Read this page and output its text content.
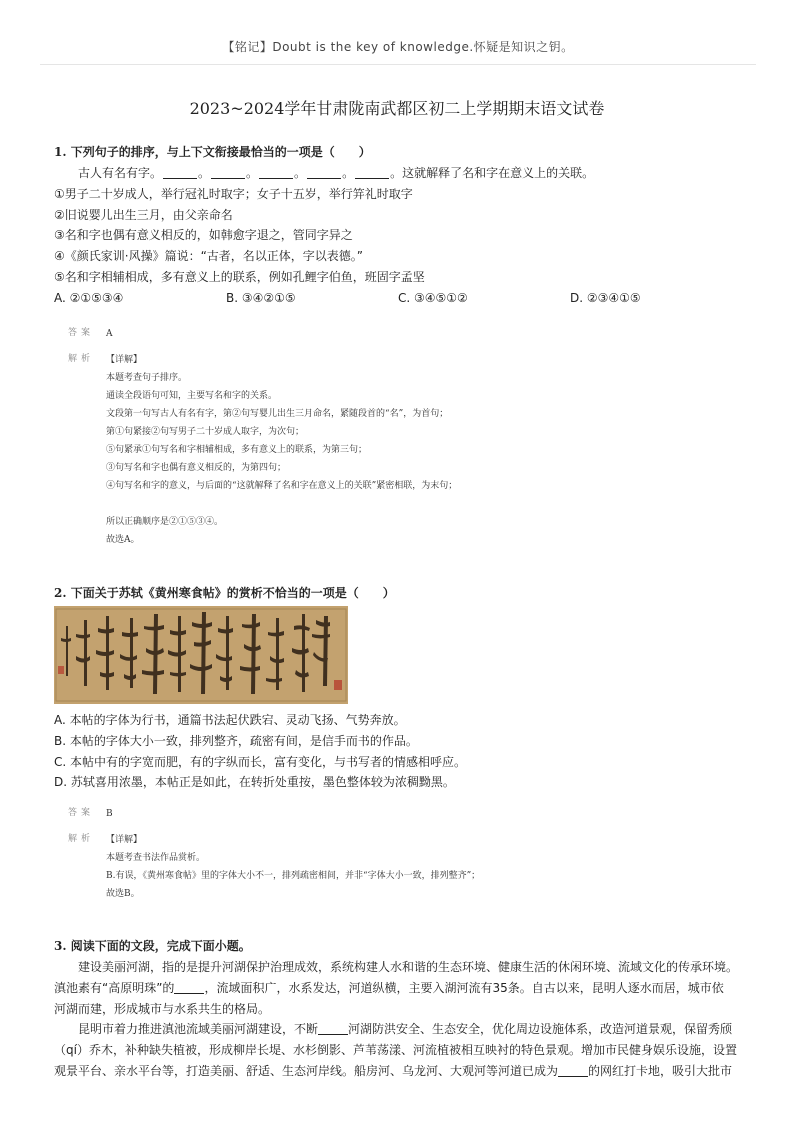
【铭记】Doubt is the key of knowledge.怀疑是知识之钥。
2023~2024学年甘肃陇南武都区初二上学期期末语文试卷
1. 下列句子的排序，与上下文衔接最恰当的一项是（　　）
古人有名有字。	。	。	。	。	。这就解释了名和字在意义上的关联。
①男子二十岁成人，举行冠礼时取字；女子十五岁，举行笄礼时取字
②旧说婴儿出生三月，由父亲命名
③名和字也偶有意义相反的，如韩愈字退之，管同字异之
④《颜氏家训·风操》篇说：“古者，名以正体，字以表德。”
⑤名和字相辅相成，多有意义上的联系，例如孔鲤字伯鱼，班固字孟坚
A. ②①⑤③④	B. ③④②①⑤	C. ③④⑤①②	D. ②③④①⑤
答案	A
解析	【详解】
本题考查句子排序。
通读全段语句可知，主要写名和字的关系。
文段第一句写古人有名有字，第②句写婴儿出生三月命名，紧随段首的“名”，为首句；
第①句紧接②句写男子二十岁成人取字，为次句；
⑤句紧承①句写名和字相辅相成，多有意义上的联系，为第三句；
③句写名和字也偶有意义相反的，为第四句；
④句写名和字的意义，与后面的“这就解释了名和字在意义上的关联”紧密相联，为末句；
所以正确顺序是②①⑤③④。
故选A。
2. 下面关于苏轼《黄州寒食帖》的赏析不恰当的一项是（　　）
A. 本帖的字体为行书，通篇书法起伏跌宕、灵动飞扬、气势奔放。
B. 本帖的字体大小一致，排列整齐，疏密有间，是信手而书的作品。
C. 本帖中有的字宽而肥，有的字纵而长，富有变化，与书写者的情感相呼应。
D. 苏轼喜用浓墨，本帖正是如此，在转折处重按，墨色整体较为浓稠黝黑。
答案	B
解析	【详解】
本题考查书法作品赏析。
B.有误，《黄州寒食帖》里的字体大小不一，排列疏密相间，并非“字体大小一致，排列整齐”；
故选B。
3. 阅读下面的文段，完成下面小题。
建设美丽河湖，指的是提升河湖保护治理成效，系统构建人水和谐的生态环境、健康生活的休闲环境、流域文化的传承环境。
滇池素有“高原明珠”的	，流域面积广，水系发达，河道纵横，主要入湖河流有35条。自古以来，昆明人逐水而居，城市依
河湖而建，形成城市与水系共生的格局。
昆明市着力推进滇池流域美丽河湖建设，不断	河湖防洪安全、生态安全，优化周边设施体系，改造河道景观，保留秀颀
（qí）乔木，补种缺失植被，形成柳岸长堤、水杉倒影、芦苇荡漾、河流植被相互映衬的特色景观。增加市民健身娱乐设施，设置
观景平台、亲水平台等，打造美丽、舒适、生态河岸线。船房河、乌龙河、大观河等河道已成为	的网红打卡地，吸引大批市
